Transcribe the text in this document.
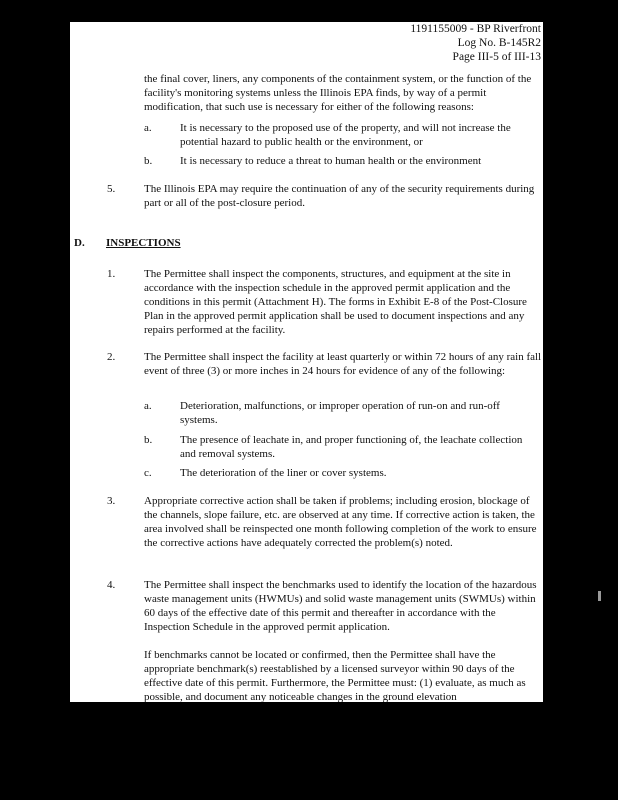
1191155009 - BP Riverfront
Log No. B-145R2
Page III-5 of III-13

the final cover, liners, any components of the containment system, or the function of the facility's monitoring systems unless the Illinois EPA finds, by way of a permit modification, that such use is necessary for either of the following reasons:

a.	It is necessary to the proposed use of the property, and will not increase the potential hazard to public health or the environment, or

b.	It is necessary to reduce a threat to human health or the environment

5.	The Illinois EPA may require the continuation of any of the security requirements during part or all of the post-closure period.

D. INSPECTIONS
1.	The Permittee shall inspect the components, structures, and equipment at the site in accordance with the inspection schedule in the approved permit application and the conditions in this permit (Attachment H). The forms in Exhibit E-8 of the Post-Closure Plan in the approved permit application shall be used to document inspections and any repairs performed at the facility.

2.	The Permittee shall inspect the facility at least quarterly or within 72 hours of any rain fall event of three (3) or more inches in 24 hours for evidence of any of the following:

a.	Deterioration, malfunctions, or improper operation of run-on and run-off systems.

b.	The presence of leachate in, and proper functioning of, the leachate collection and removal systems.

c.	The deterioration of the liner or cover systems.

3.	Appropriate corrective action shall be taken if problems; including erosion, blockage of the channels, slope failure, etc. are observed at any time. If corrective action is taken, the area involved shall be reinspected one month following completion of the work to ensure the corrective actions have adequately corrected the problem(s) noted.

4.	The Permittee shall inspect the benchmarks used to identify the location of the hazardous waste management units (HWMUs) and solid waste management units (SWMUs) within 60 days of the effective date of this permit and thereafter in accordance with the Inspection Schedule in the approved permit application.

If benchmarks cannot be located or confirmed, then the Permittee shall have the appropriate benchmark(s) reestablished by a licensed surveyor within 90 days of the effective date of this permit. Furthermore, the Permittee must: (1) evaluate, as much as possible, and document any noticeable changes in the ground elevation
